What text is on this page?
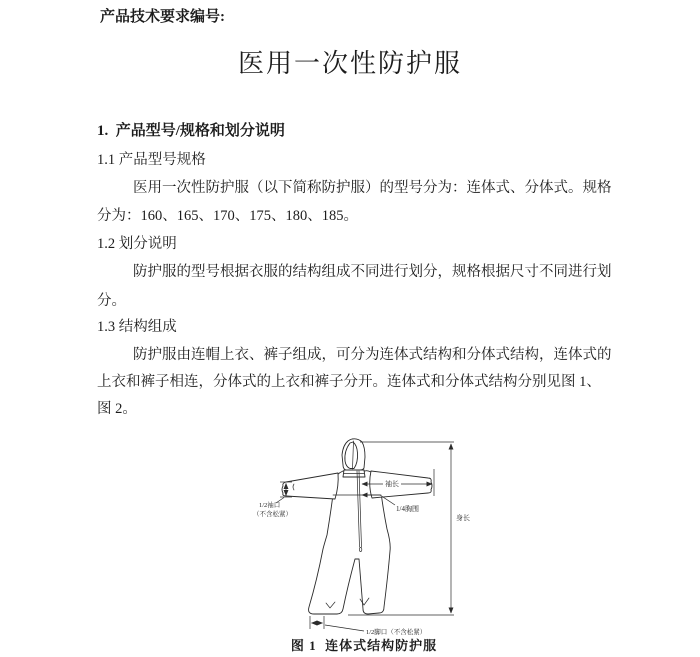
产品技术要求编号:
医用一次性防护服
1.  产品型号/规格和划分说明
1.1 产品型号规格
医用一次性防护服（以下简称防护服）的型号分为：连体式、分体式。规格
分为：160、165、170、175、180、185。
1.2 划分说明
防护服的型号根据衣服的结构组成不同进行划分，规格根据尺寸不同进行划
分。
1.3 结构组成
防护服由连帽上衣、裤子组成，可分为连体式结构和分体式结构，连体式的
上衣和裤子相连，分体式的上衣和裤子分开。连体式和分体式结构分别见图 1、
图 2。
袖长
1/4胸围
身长
1/2袖口
（不含松紧）
1/2脚口（不含松紧）
图 1  连体式结构防护服
